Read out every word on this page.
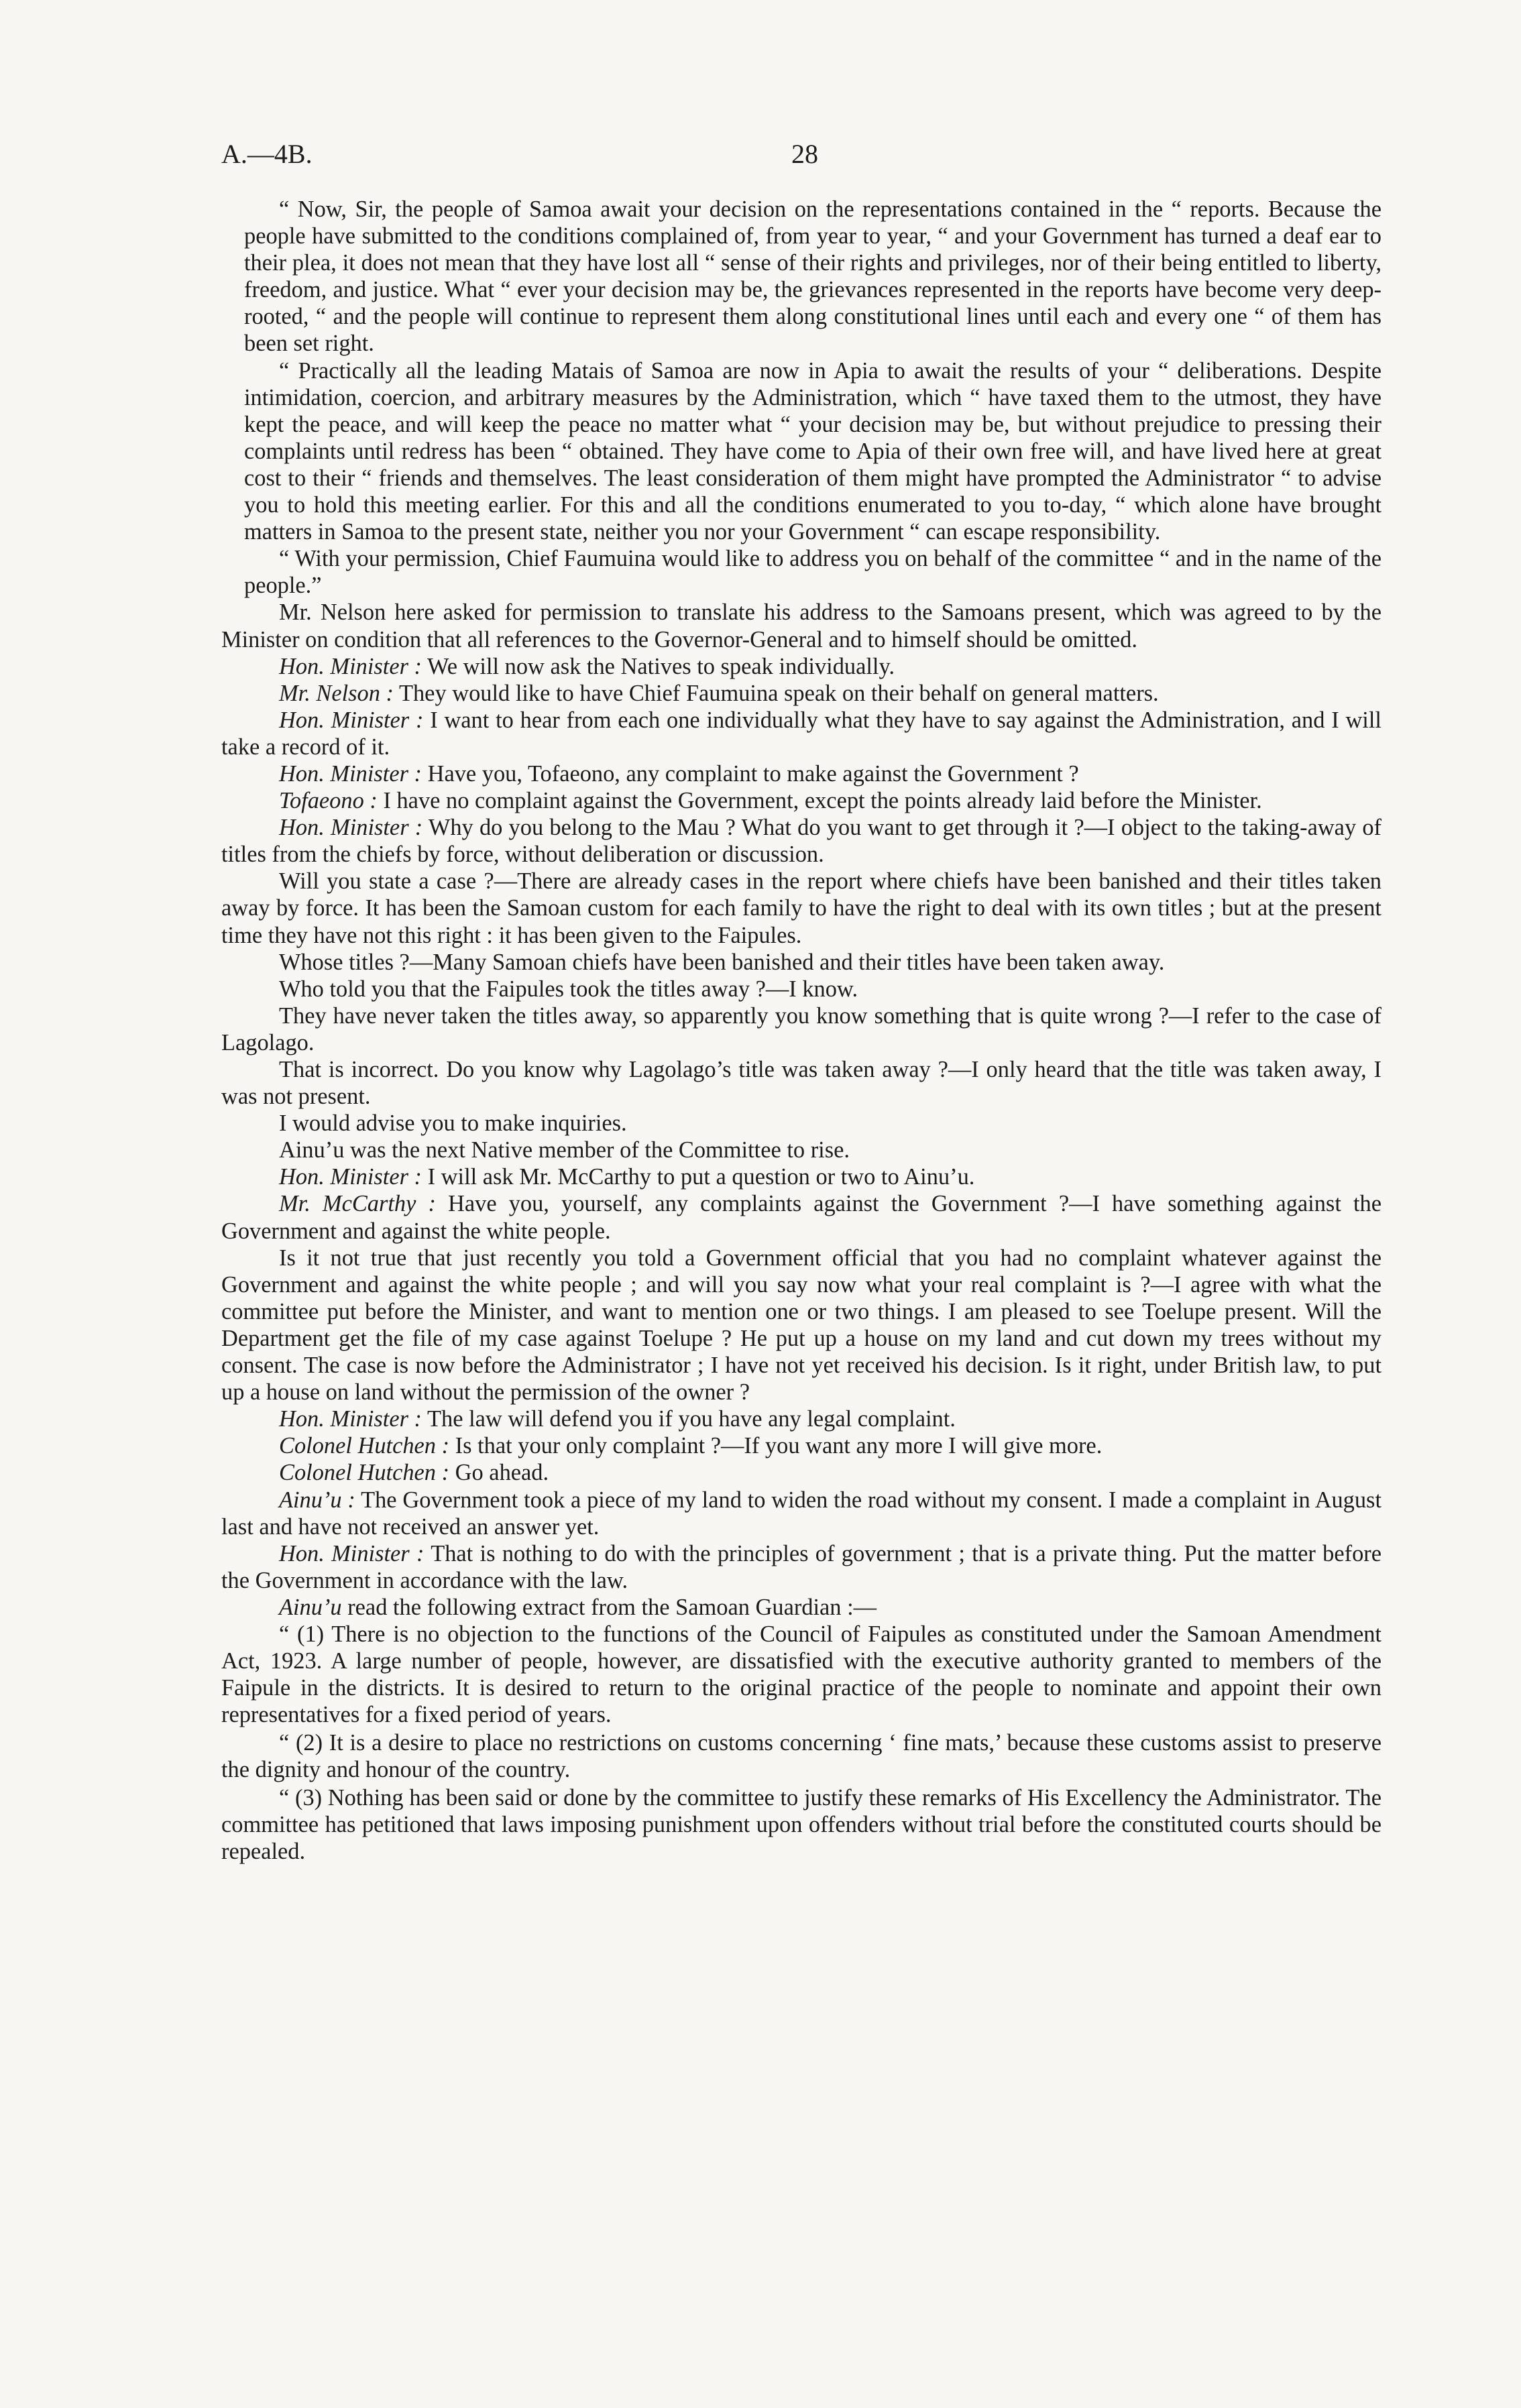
A.—4B.	28

“ Now, Sir, the people of Samoa await your decision on the representations contained in the “ reports. Because the people have submitted to the conditions complained of, from year to year, “ and your Government has turned a deaf ear to their plea, it does not mean that they have lost all “ sense of their rights and privileges, nor of their being entitled to liberty, freedom, and justice. What “ ever your decision may be, the grievances represented in the reports have become very deep-rooted, “ and the people will continue to represent them along constitutional lines until each and every one “ of them has been set right.

“ Practically all the leading Matais of Samoa are now in Apia to await the results of your “ deliberations. Despite intimidation, coercion, and arbitrary measures by the Administration, which “ have taxed them to the utmost, they have kept the peace, and will keep the peace no matter what “ your decision may be, but without prejudice to pressing their complaints until redress has been “ obtained. They have come to Apia of their own free will, and have lived here at great cost to their “ friends and themselves. The least consideration of them might have prompted the Administrator “ to advise you to hold this meeting earlier. For this and all the conditions enumerated to you to-day, “ which alone have brought matters in Samoa to the present state, neither you nor your Government “ can escape responsibility.

“ With your permission, Chief Faumuina would like to address you on behalf of the committee “ and in the name of the people.”

Mr. Nelson here asked for permission to translate his address to the Samoans present, which was agreed to by the Minister on condition that all references to the Governor-General and to himself should be omitted.

Hon. Minister : We will now ask the Natives to speak individually.

Mr. Nelson : They would like to have Chief Faumuina speak on their behalf on general matters.

Hon. Minister : I want to hear from each one individually what they have to say against the Administration, and I will take a record of it.

Hon. Minister : Have you, Tofaeono, any complaint to make against the Government ?

Tofaeono : I have no complaint against the Government, except the points already laid before the Minister.

Hon. Minister : Why do you belong to the Mau ? What do you want to get through it ?—I object to the taking-away of titles from the chiefs by force, without deliberation or discussion.

Will you state a case ?—There are already cases in the report where chiefs have been banished and their titles taken away by force. It has been the Samoan custom for each family to have the right to deal with its own titles ; but at the present time they have not this right : it has been given to the Faipules.

Whose titles ?—Many Samoan chiefs have been banished and their titles have been taken away.

Who told you that the Faipules took the titles away ?—I know.

They have never taken the titles away, so apparently you know something that is quite wrong ?—I refer to the case of Lagolago.

That is incorrect. Do you know why Lagolago’s title was taken away ?—I only heard that the title was taken away, I was not present.

I would advise you to make inquiries.

Ainu’u was the next Native member of the Committee to rise.

Hon. Minister : I will ask Mr. McCarthy to put a question or two to Ainu’u.

Mr. McCarthy : Have you, yourself, any complaints against the Government ?—I have something against the Government and against the white people.

Is it not true that just recently you told a Government official that you had no complaint whatever against the Government and against the white people ; and will you say now what your real complaint is ?—I agree with what the committee put before the Minister, and want to mention one or two things. I am pleased to see Toelupe present. Will the Department get the file of my case against Toelupe ? He put up a house on my land and cut down my trees without my consent. The case is now before the Administrator ; I have not yet received his decision. Is it right, under British law, to put up a house on land without the permission of the owner ?

Hon. Minister : The law will defend you if you have any legal complaint.

Colonel Hutchen : Is that your only complaint ?—If you want any more I will give more.

Colonel Hutchen : Go ahead.

Ainu’u : The Government took a piece of my land to widen the road without my consent. I made a complaint in August last and have not received an answer yet.

Hon. Minister : That is nothing to do with the principles of government ; that is a private thing. Put the matter before the Government in accordance with the law.

Ainu’u read the following extract from the Samoan Guardian :—

“ (1) There is no objection to the functions of the Council of Faipules as constituted under the Samoan Amendment Act, 1923. A large number of people, however, are dissatisfied with the executive authority granted to members of the Faipule in the districts. It is desired to return to the original practice of the people to nominate and appoint their own representatives for a fixed period of years.

“ (2) It is a desire to place no restrictions on customs concerning ‘ fine mats,’ because these customs assist to preserve the dignity and honour of the country.

“ (3) Nothing has been said or done by the committee to justify these remarks of His Excellency the Administrator. The committee has petitioned that laws imposing punishment upon offenders without trial before the constituted courts should be repealed.
